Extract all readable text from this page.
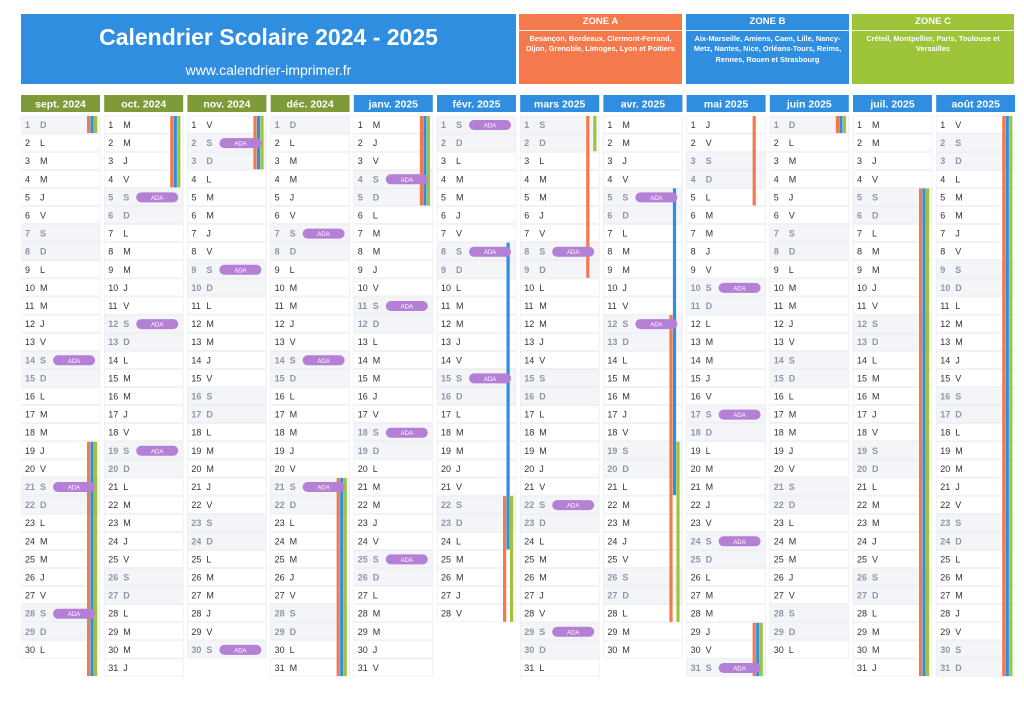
Calendrier Scolaire 2024 - 2025
www.calendrier-imprimer.fr
ZONE A
Besançon, Bordeaux, Clermont-Ferrand, Dijon, Grenoble, Limoges, Lyon et Poitiers
ZONE B
Aix-Marseille, Amiens, Caen, Lille, Nancy-Metz, Nantes, Nice, Orléans-Tours, Reims, Rennes, Rouen et Strasbourg
ZONE C
Créteil, Montpellier, Paris, Toulouse et Versailles
sept. 2024
1 D
2 L
3 M
4 M
5 J
6 V
7 S
8 D
9 L
10 M
11 M
12 J
13 V
14 S
15 D
16 L
17 M
18 M
19 J
20 V
21 S
22 D
23 L
24 M
25 M
26 J
27 V
28 S
29 D
30 L
ADA
ADA
ADA
oct. 2024
1 M
2 M
3 J
4 V
5 S
6 D
7 L
8 M
9 M
10 J
11 V
12 S
13 D
14 L
15 M
16 M
17 J
18 V
19 S
20 D
21 L
22 M
23 M
24 J
25 V
26 S
27 D
28 L
29 M
30 M
31 J
ADA
ADA
ADA
nov. 2024
1 V
2 S
3 D
4 L
5 M
6 M
7 J
8 V
9 S
10 D
11 L
12 M
13 M
14 J
15 V
16 S
17 D
18 L
19 M
20 M
21 J
22 V
23 S
24 D
25 L
26 M
27 M
28 J
29 V
30 S
ADA
ADA
ADA
déc. 2024
1 D
2 L
3 M
4 M
5 J
6 V
7 S
8 D
9 L
10 M
11 M
12 J
13 V
14 S
15 D
16 L
17 M
18 M
19 J
20 V
21 S
22 D
23 L
24 M
25 M
26 J
27 V
28 S
29 D
30 L
31 M
ADA
ADA
ADA
janv. 2025
1 M
2 J
3 V
4 S
5 D
6 L
7 M
8 M
9 J
10 V
11 S
12 D
13 L
14 M
15 M
16 J
17 V
18 S
19 D
20 L
21 M
22 M
23 J
24 V
25 S
26 D
27 L
28 M
29 M
30 J
31 V
ADA
ADA
ADA
ADA
févr. 2025
1 S
2 D
3 L
4 M
5 M
6 J
7 V
8 S
9 D
10 L
11 M
12 M
13 J
14 V
15 S
16 D
17 L
18 M
19 M
20 J
21 V
22 S
23 D
24 L
25 M
26 M
27 J
28 V
ADA
ADA
ADA
mars 2025
1 S
2 D
3 L
4 M
5 M
6 J
7 V
8 S
9 D
10 L
11 M
12 M
13 J
14 V
15 S
16 D
17 L
18 M
19 M
20 J
21 V
22 S
23 D
24 L
25 M
26 M
27 J
28 V
29 S
30 D
31 L
ADA
ADA
ADA
avr. 2025
1 M
2 M
3 J
4 V
5 S
6 D
7 L
8 M
9 M
10 J
11 V
12 S
13 D
14 L
15 M
16 M
17 J
18 V
19 S
20 D
21 L
22 M
23 M
24 J
25 V
26 S
27 D
28 L
29 M
30 M
ADA
ADA
mai 2025
1 J
2 V
3 S
4 D
5 L
6 M
7 M
8 J
9 V
10 S
11 D
12 L
13 M
14 M
15 J
16 V
17 S
18 D
19 L
20 M
21 M
22 J
23 V
24 S
25 D
26 L
27 M
28 M
29 J
30 V
31 S
ADA
ADA
ADA
ADA
juin 2025
1 D
2 L
3 M
4 M
5 J
6 V
7 S
8 D
9 L
10 M
11 M
12 J
13 V
14 S
15 D
16 L
17 M
18 M
19 J
20 V
21 S
22 D
23 L
24 M
25 M
26 J
27 V
28 S
29 D
30 L
juil. 2025
1 M
2 M
3 J
4 V
5 S
6 D
7 L
8 M
9 M
10 J
11 V
12 S
13 D
14 L
15 M
16 M
17 J
18 V
19 S
20 D
21 L
22 M
23 M
24 J
25 V
26 S
27 D
28 L
29 M
30 M
31 J
août 2025
1 V
2 S
3 D
4 L
5 M
6 M
7 J
8 V
9 S
10 D
11 L
12 M
13 M
14 J
15 V
16 S
17 D
18 L
19 M
20 M
21 J
22 V
23 S
24 D
25 L
26 M
27 M
28 J
29 V
30 S
31 D
